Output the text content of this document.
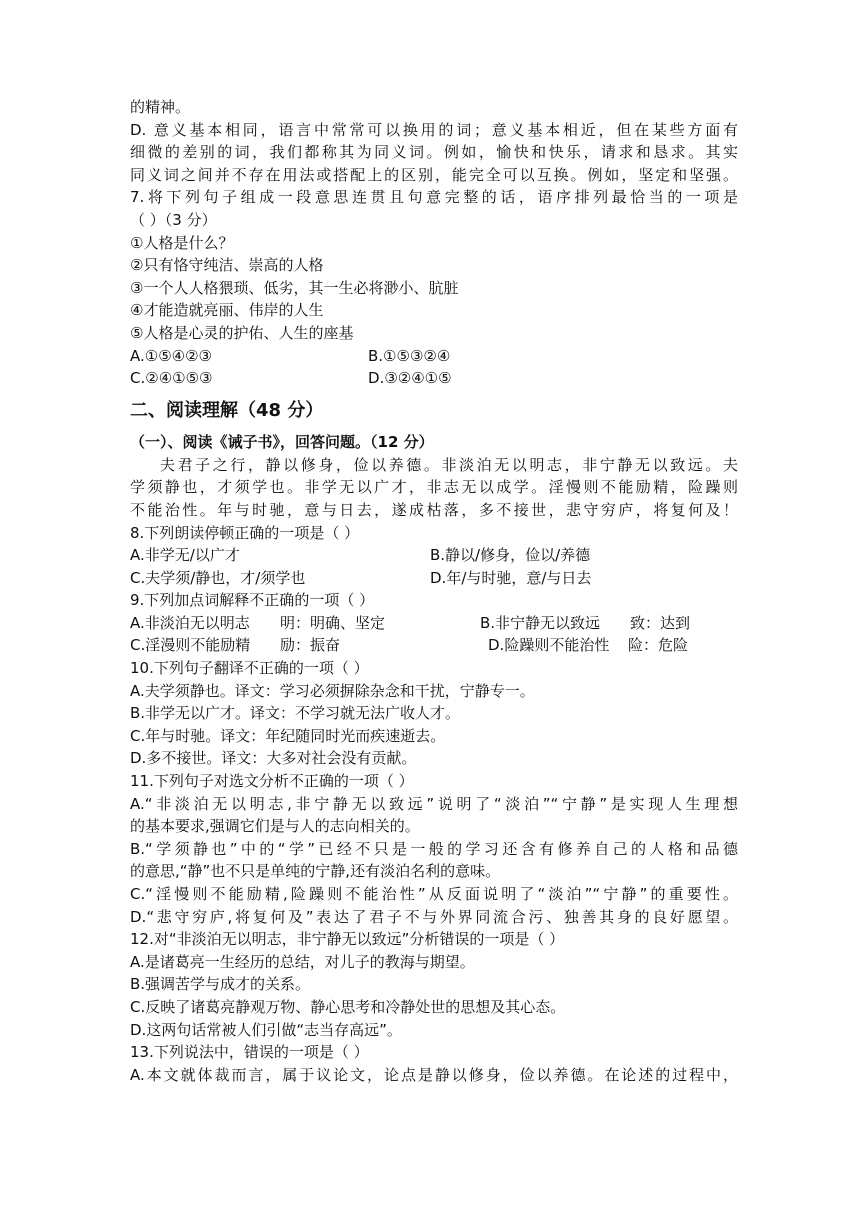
的精神。
D. 意义基本相同，语言中常常可以换用的词；意义基本相近，但在某些方面有
细微的差别的词，我们都称其为同义词。例如，愉快和快乐，请求和恳求。其实
同义词之间并不存在用法或搭配上的区别，能完全可以互换。例如，坚定和坚强。
7.将下列句子组成一段意思连贯且句意完整的话，语序排列最恰当的一项是
（ ）（3 分）
①人格是什么？
②只有恪守纯洁、崇高的人格
③一个人人格猥琐、低劣，其一生必将渺小、肮脏
④才能造就亮丽、伟岸的人生
⑤人格是心灵的护佑、人生的座基
A.①⑤④②③	B.①⑤③②④
C.②④①⑤③	D.③②④①⑤
二、阅读理解（48 分）
（一）、阅读《诫子书》，回答问题。（12 分）
夫君子之行，静以修身，俭以养德。非淡泊无以明志，非宁静无以致远。夫
学须静也，才须学也。非学无以广才，非志无以成学。淫慢则不能励精，险躁则
不能治性。年与时驰，意与日去，遂成枯落，多不接世，悲守穷庐，将复何及！
8.下列朗读停顿正确的一项是（ ）
A.非学无/以广才	B.静以/修身，俭以/养德
C.夫学须/静也，才/须学也	D.年/与时驰，意/与日去
9.下列加点词解释不正确的一项（ ）
A.非淡泊无以明志	明：明确、坚定	B.非宁静无以致远	致：达到
C.淫漫则不能励精	励：振奋	D.险躁则不能治性	险：危险
10.下列句子翻译不正确的一项（ ）
A.夫学须静也。译文：学习必须摒除杂念和干扰，宁静专一。
B.非学无以广才。译文：不学习就无法广收人才。
C.年与时驰。译文：年纪随同时光而疾速逝去。
D.多不接世。译文：大多对社会没有贡献。
11.下列句子对选文分析不正确的一项（ ）
A.“非淡泊无以明志,非宁静无以致远”说明了“淡泊”“宁静”是实现人生理想
的基本要求,强调它们是与人的志向相关的。
B.“学须静也”中的“学”已经不只是一般的学习还含有修养自己的人格和品德
的意思,“静”也不只是单纯的宁静,还有淡泊名利的意味。
C.“淫慢则不能励精,险躁则不能治性”从反面说明了“淡泊”“宁静”的重要性。
D.“悲守穷庐,将复何及”表达了君子不与外界同流合污、独善其身的良好愿望。
12.对“非淡泊无以明志，非宁静无以致远”分析错误的一项是（ ）
A.是诸葛亮一生经历的总结，对儿子的教海与期望。
B.强调苦学与成才的关系。
C.反映了诸葛亮静观万物、静心思考和冷静处世的思想及其心态。
D.这两句话常被人们引做“志当存高远”。
13.下列说法中，错误的一项是（ ）
A.本文就体裁而言，属于议论文，论点是静以修身，俭以养德。在论述的过程中，
